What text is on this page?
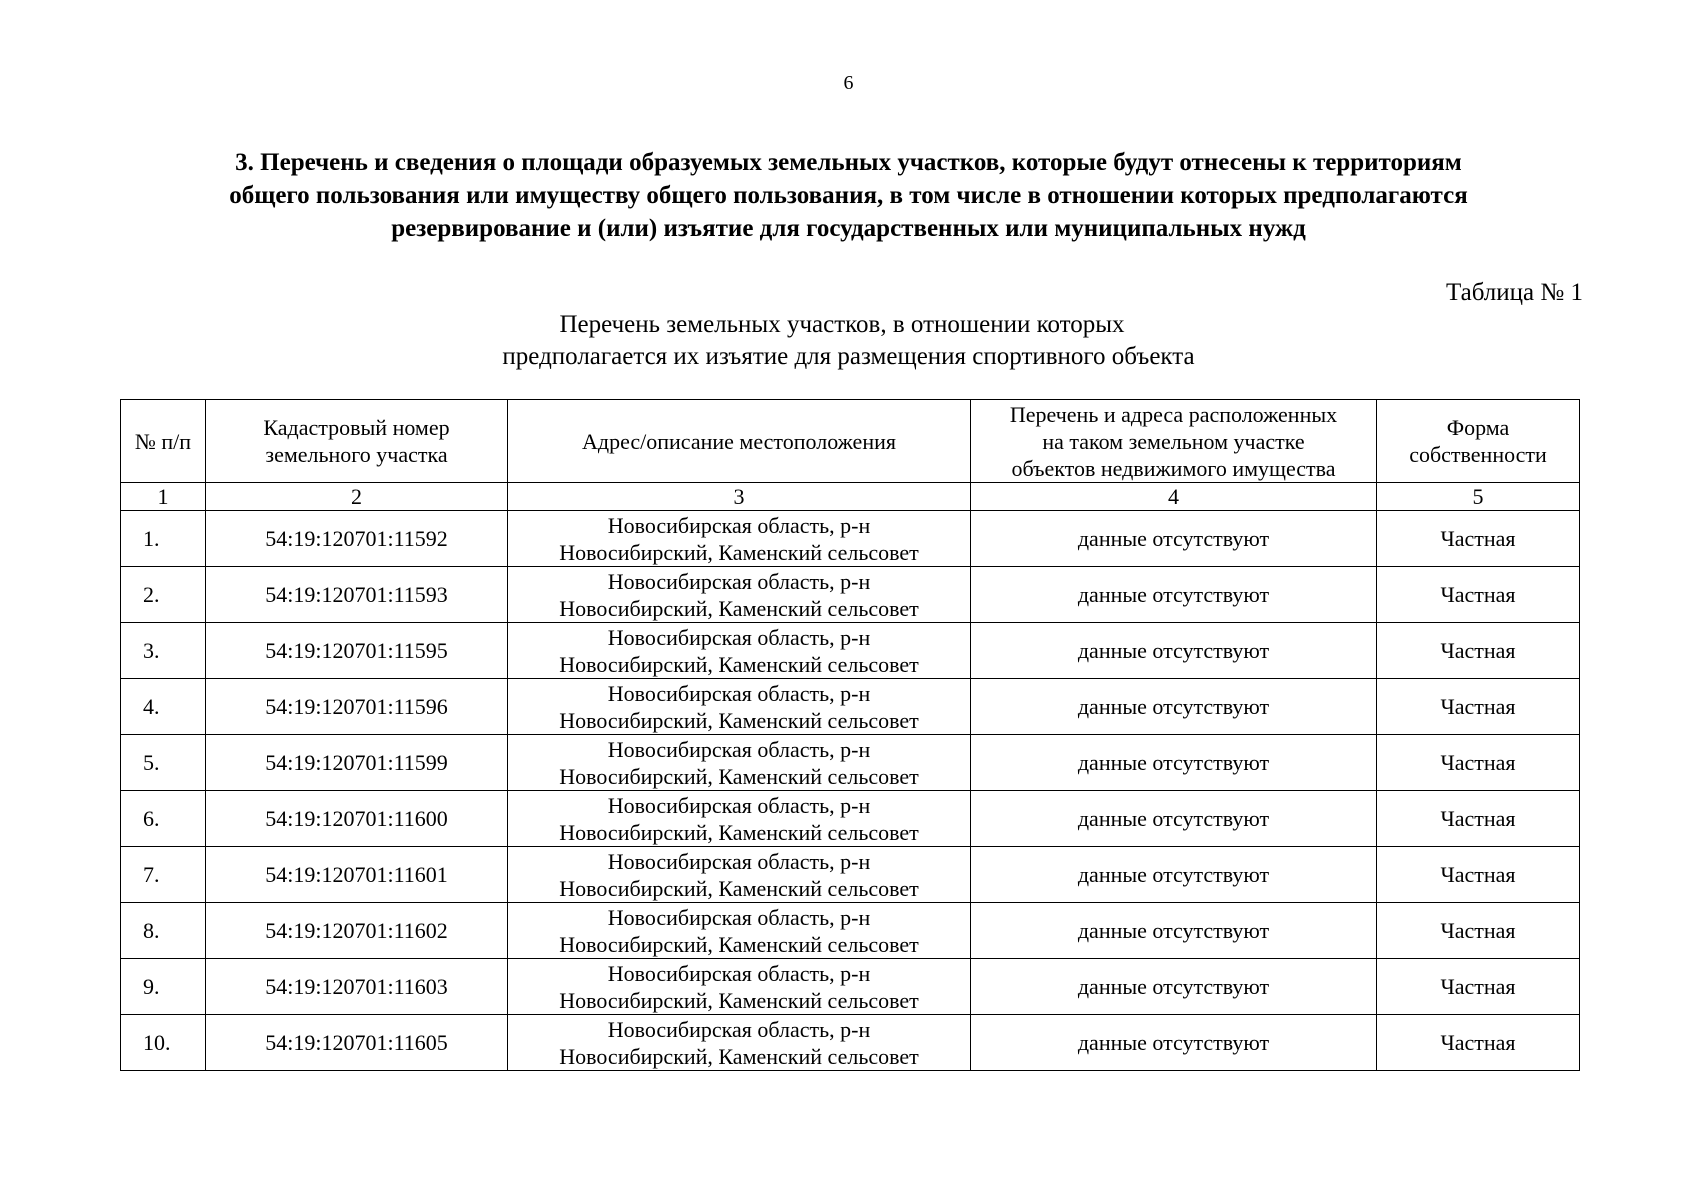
6
3. Перечень и сведения о площади образуемых земельных участков, которые будут отнесены к территориям
общего пользования или имуществу общего пользования, в том числе в отношении которых предполагаются
резервирование и (или) изъятие для государственных или муниципальных нужд
Таблица № 1
Перечень земельных участков, в отношении которых
предполагается их изъятие для размещения спортивного объекта
№ п/п	Кадастровый номер
земельного участка	Адрес/описание местоположения	Перечень и адреса расположенных
на таком земельном участке
объектов недвижимого имущества	Форма
собственности

1	2	3	4	5
1.	54:19:120701:11592	Новосибирская область, р-н
Новосибирский, Каменский сельсовет	данные отсутствуют	Частная
2.	54:19:120701:11593	Новосибирская область, р-н
Новосибирский, Каменский сельсовет	данные отсутствуют	Частная
3.	54:19:120701:11595	Новосибирская область, р-н
Новосибирский, Каменский сельсовет	данные отсутствуют	Частная
4.	54:19:120701:11596	Новосибирская область, р-н
Новосибирский, Каменский сельсовет	данные отсутствуют	Частная
5.	54:19:120701:11599	Новосибирская область, р-н
Новосибирский, Каменский сельсовет	данные отсутствуют	Частная
6.	54:19:120701:11600	Новосибирская область, р-н
Новосибирский, Каменский сельсовет	данные отсутствуют	Частная
7.	54:19:120701:11601	Новосибирская область, р-н
Новосибирский, Каменский сельсовет	данные отсутствуют	Частная
8.	54:19:120701:11602	Новосибирская область, р-н
Новосибирский, Каменский сельсовет	данные отсутствуют	Частная
9.	54:19:120701:11603	Новосибирская область, р-н
Новосибирский, Каменский сельсовет	данные отсутствуют	Частная
10.	54:19:120701:11605	Новосибирская область, р-н
Новосибирский, Каменский сельсовет	данные отсутствуют	Частная
